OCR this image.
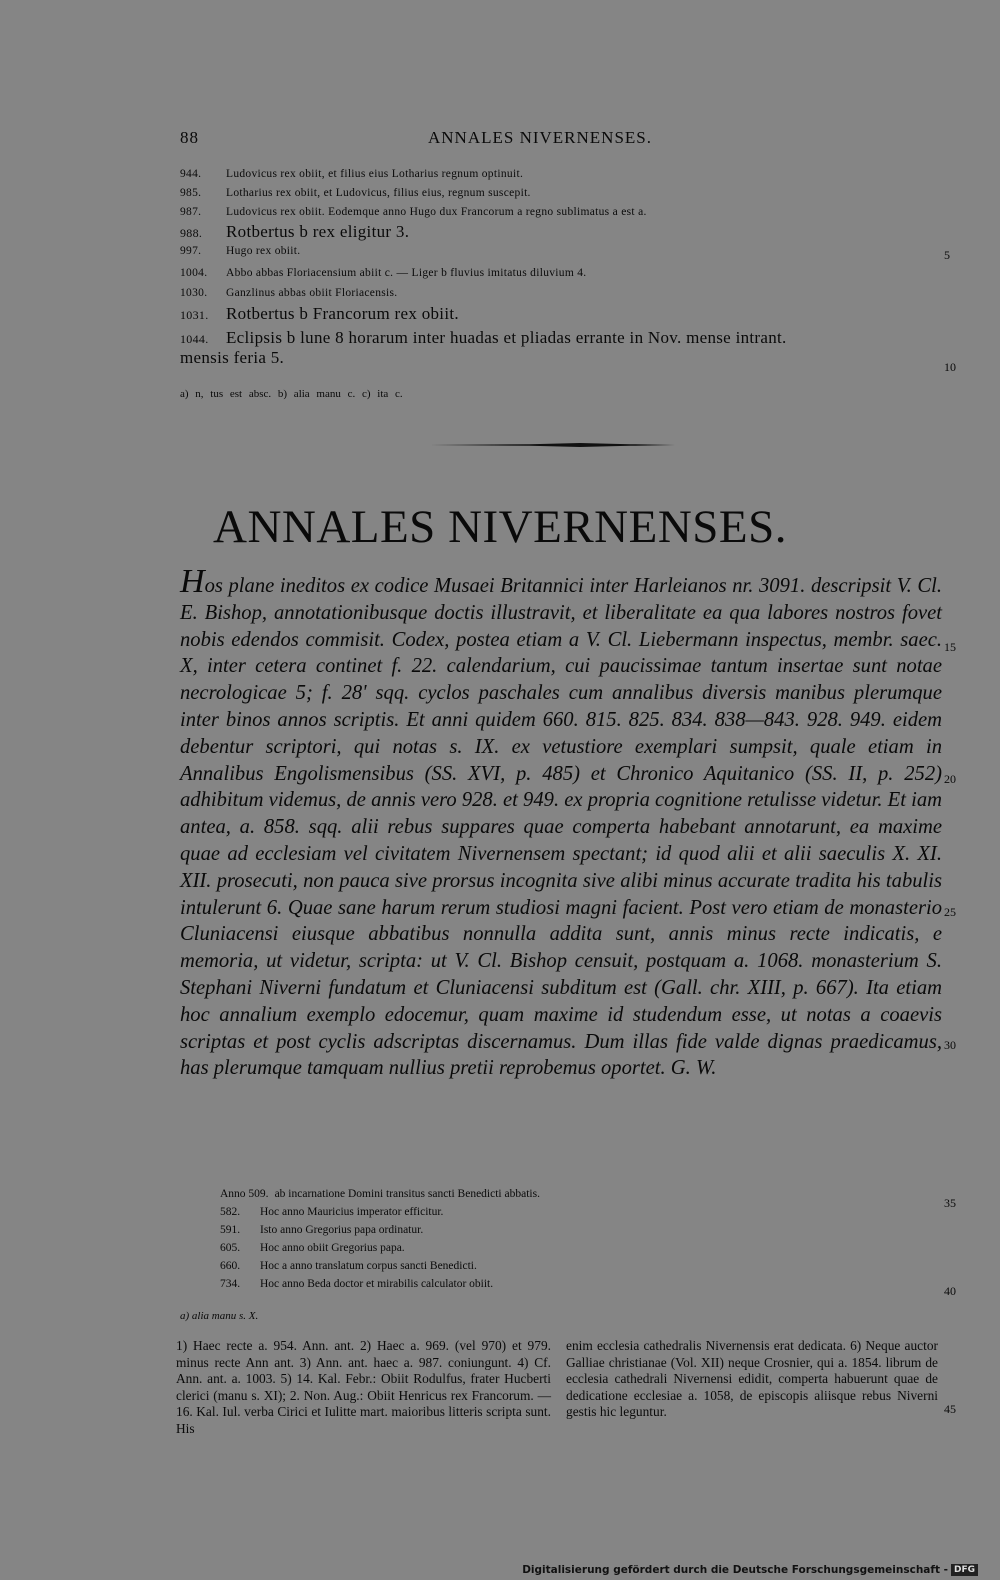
88	ANNALES NIVERNENSES.
944. Ludovicus rex obiit, et filius eius Lotharius regnum optinuit.
985. Lotharius rex obiit, et Ludovicus, filius eius, regnum suscepit.
987. Ludovicus rex obiit. Eodemque anno Hugo dux Francorum a regno sublimatus a est a.
988. Rotbertus b rex eligitur 3.
997. Hugo rex obiit.
1004. Abbo abbas Floriacensium abiit c. — Liger b fluvius imitatus diluvium 4.
1030. Ganzlinus abbas obiit Floriacensis.
1031. Rotbertus b Francorum rex obiit.
1044. Eclipsis b lune 8 horarum inter huadas et pliadas errante in Nov. mense intrant.
mensis feria 5.
5
10
a) n, tus est absc. b) alia manu c. c) ita c.
ANNALES NIVERNENSES.
Hos plane ineditos ex codice Musaei Britannici inter Harleianos nr. 3091. descripsit V. Cl. E. Bishop, annotationibusque doctis illustravit, et liberalitate ea qua labores nostros fovet nobis edendos commisit. Codex, postea etiam a V. Cl. Liebermann inspectus, membr. saec. X, inter cetera continet f. 22. calendarium, cui paucissimae tantum insertae sunt notae necrologicae 5; f. 28' sqq. cyclos paschales cum annalibus diversis manibus plerumque inter binos annos scriptis. Et anni quidem 660. 815. 825. 834. 838—843. 928. 949. eidem debentur scriptori, qui notas s. IX. ex vetustiore exemplari sumpsit, quale etiam in Annalibus Engolismensibus (SS. XVI, p. 485) et Chronico Aquitanico (SS. II, p. 252) adhibitum videmus, de annis vero 928. et 949. ex propria cognitione retulisse videtur. Et iam antea, a. 858. sqq. alii rebus suppares quae comperta habebant annotarunt, ea maxime quae ad ecclesiam vel civitatem Nivernensem spectant; id quod alii et alii saeculis X. XI. XII. prosecuti, non pauca sive prorsus incognita sive alibi minus accurate tradita his tabulis intulerunt 6. Quae sane harum rerum studiosi magni facient. Post vero etiam de monasterio Cluniacensi eiusque abbatibus nonnulla addita sunt, annis minus recte indicatis, e memoria, ut videtur, scripta: ut V. Cl. Bishop censuit, postquam a. 1068. monasterium S. Stephani Niverni fundatum et Cluniacensi subditum est (Gall. chr. XIII, p. 667). Ita etiam hoc annalium exemplo edocemur, quam maxime id studendum esse, ut notas a coaevis scriptas et post cyclis adscriptas discernamus. Dum illas fide valde dignas praedicamus, has plerumque tamquam nullius pretii reprobemus oportet. G. W.
15
20
25
30
Anno 509. ab incarnatione Domini transitus sancti Benedicti abbatis.
582. Hoc anno Mauricius imperator efficitur.
591. Isto anno Gregorius papa ordinatur.
605. Hoc anno obiit Gregorius papa.
660. Hoc a anno translatum corpus sancti Benedicti.
734. Hoc anno Beda doctor et mirabilis calculator obiit.
35
40
a) alia manu s. X.
1) Haec recte a. 954. Ann. ant. 2) Haec a. 969. (vel 970) et 979. minus recte Ann ant. 3) Ann. ant. haec a. 987. coniungunt. 4) Cf. Ann. ant. a. 1003. 5) 14. Kal. Febr.: Obiit Rodulfus, frater Hucberti clerici (manu s. XI); 2. Non. Aug.: Obiit Henricus rex Francorum. — 16. Kal. Iul. verba Cirici et Iulitte mart. maioribus litteris scripta sunt. His
enim ecclesia cathedralis Nivernensis erat dedicata. 6) Neque auctor Galliae christianae (Vol. XII) neque Crosnier, qui a. 1854. librum de ecclesia cathedrali Nivernensi edidit, comperta habuerunt quae de dedicatione ecclesiae a. 1058, de episcopis aliisque rebus Niverni gestis hic leguntur.	45
Digitalisierung gefördert durch die Deutsche Forschungsgemeinschaft - DFG
